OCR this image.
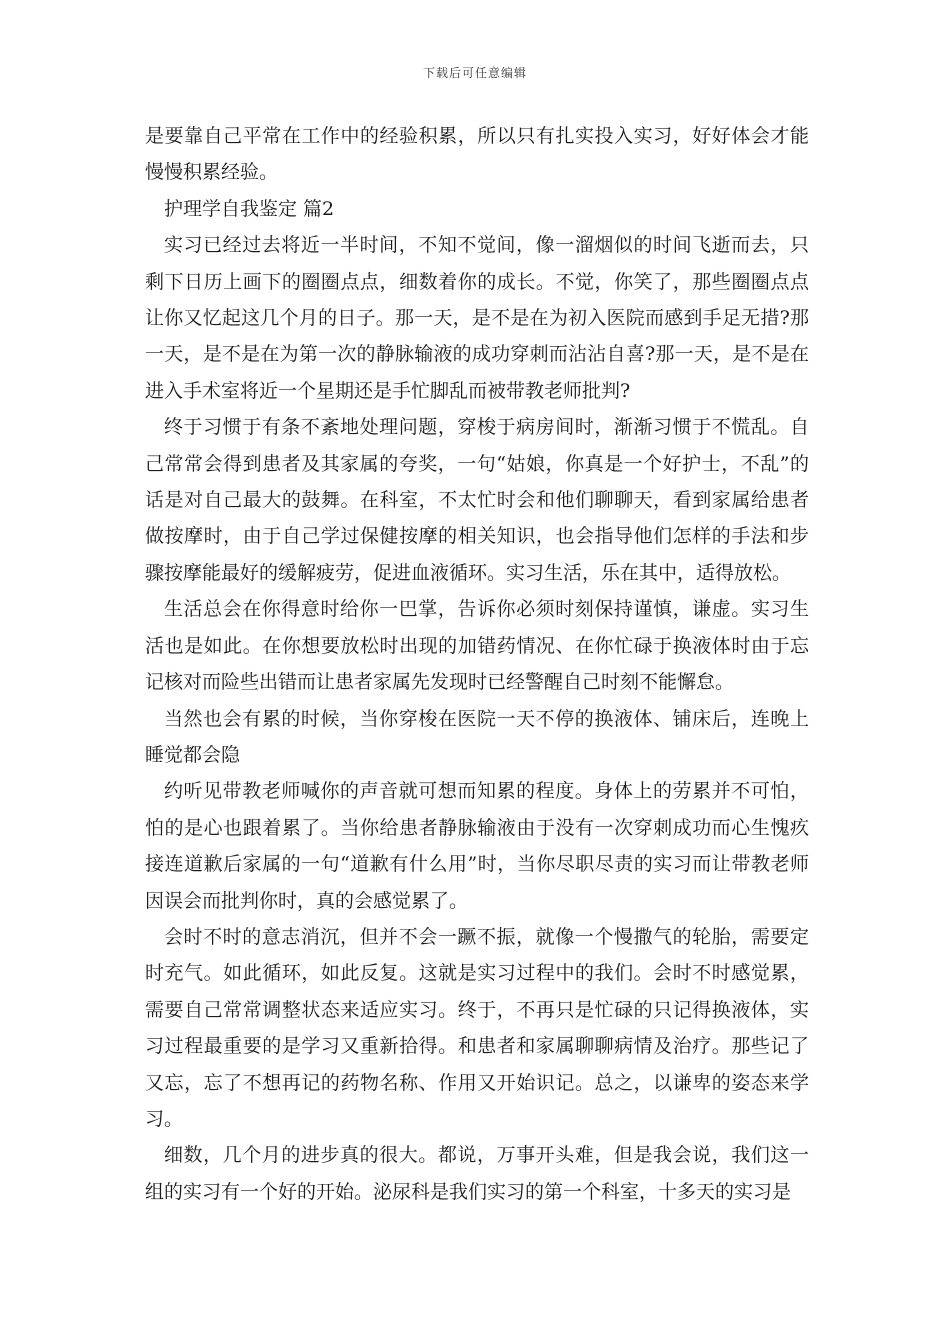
下载后可任意编辑

是要靠自己平常在工作中的经验积累，所以只有扎实投入实习，好好体会才能慢慢积累经验。

护理学自我鉴定 篇2

实习已经过去将近一半时间，不知不觉间，像一溜烟似的时间飞逝而去，只剩下日历上画下的圈圈点点，细数着你的成长。不觉，你笑了，那些圈圈点点让你又忆起这几个月的日子。那一天，是不是在为初入医院而感到手足无措?那一天，是不是在为第一次的静脉输液的成功穿刺而沾沾自喜?那一天，是不是在进入手术室将近一个星期还是手忙脚乱而被带教老师批判?

终于习惯于有条不紊地处理问题，穿梭于病房间时，渐渐习惯于不慌乱。自己常常会得到患者及其家属的夸奖，一句“姑娘，你真是一个好护士，不乱”的话是对自己最大的鼓舞。在科室，不太忙时会和他们聊聊天，看到家属给患者做按摩时，由于自己学过保健按摩的相关知识，也会指导他们怎样的手法和步骤按摩能最好的缓解疲劳，促进血液循环。实习生活，乐在其中，适得放松。

生活总会在你得意时给你一巴掌，告诉你必须时刻保持谨慎，谦虚。实习生活也是如此。在你想要放松时出现的加错药情况、在你忙碌于换液体时由于忘记核对而险些出错而让患者家属先发现时已经警醒自己时刻不能懈怠。

当然也会有累的时候，当你穿梭在医院一天不停的换液体、铺床后，连晚上睡觉都会隐

约听见带教老师喊你的声音就可想而知累的程度。身体上的劳累并不可怕，怕的是心也跟着累了。当你给患者静脉输液由于没有一次穿刺成功而心生愧疚接连道歉后家属的一句“道歉有什么用”时，当你尽职尽责的实习而让带教老师因误会而批判你时，真的会感觉累了。

会时不时的意志消沉，但并不会一蹶不振，就像一个慢撒气的轮胎，需要定时充气。如此循环，如此反复。这就是实习过程中的我们。会时不时感觉累，需要自己常常调整状态来适应实习。终于，不再只是忙碌的只记得换液体，实习过程最重要的是学习又重新拾得。和患者和家属聊聊病情及治疗。那些记了又忘，忘了不想再记的药物名称、作用又开始识记。总之，以谦卑的姿态来学习。

细数，几个月的进步真的很大。都说，万事开头难，但是我会说，我们这一组的实习有一个好的开始。泌尿科是我们实习的第一个科室，十多天的实习是
